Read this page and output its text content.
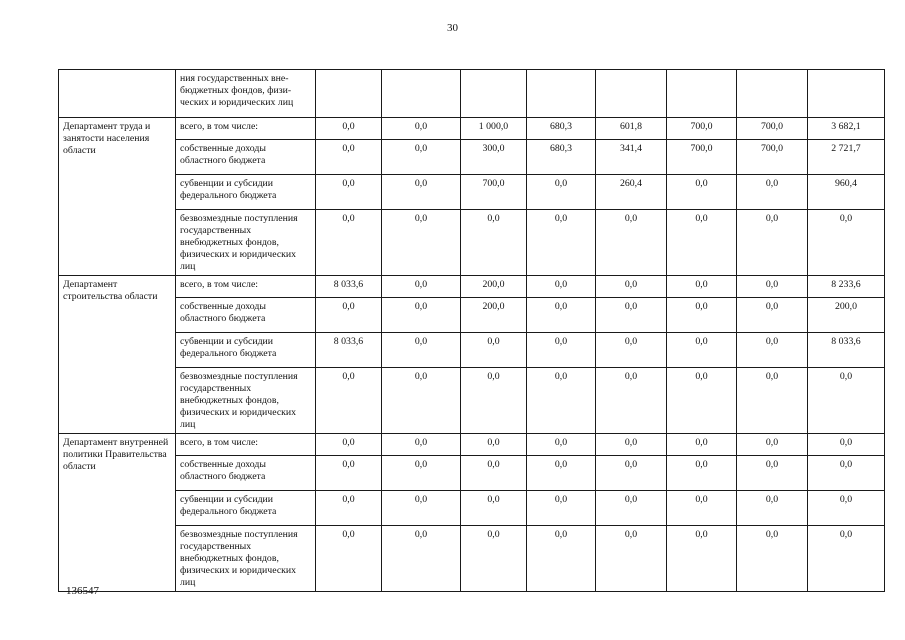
30
	ния государственных вне-бюджетных фондов, физи-ческих и юридических лиц								
Департамент труда и занятости населения области	всего, в том числе:	0,0	0,0	1 000,0	680,3	601,8	700,0	700,0	3 682,1
	собственные доходы областного бюджета	0,0	0,0	300,0	680,3	341,4	700,0	700,0	2 721,7
	субвенции и субсидии федерального бюджета	0,0	0,0	700,0	0,0	260,4	0,0	0,0	960,4
	безвозмездные поступления государственных внебюджетных фондов, физических и юридических лиц	0,0	0,0	0,0	0,0	0,0	0,0	0,0	0,0
Департамент строительства области	всего, в том числе:	8 033,6	0,0	200,0	0,0	0,0	0,0	0,0	8 233,6
	собственные доходы областного бюджета	0,0	0,0	200,0	0,0	0,0	0,0	0,0	200,0
	субвенции и субсидии федерального бюджета	8 033,6	0,0	0,0	0,0	0,0	0,0	0,0	8 033,6
	безвозмездные поступления государственных внебюджетных фондов, физических и юридических лиц	0,0	0,0	0,0	0,0	0,0	0,0	0,0	0,0
Департамент внутренней политики Правительства области	всего, в том числе:	0,0	0,0	0,0	0,0	0,0	0,0	0,0	0,0
	собственные доходы областного бюджета	0,0	0,0	0,0	0,0	0,0	0,0	0,0	0,0
	субвенции и субсидии федерального бюджета	0,0	0,0	0,0	0,0	0,0	0,0	0,0	0,0
	безвозмездные поступления государственных внебюджетных фондов, физических и юридических лиц	0,0	0,0	0,0	0,0	0,0	0,0	0,0	0,0
136547
